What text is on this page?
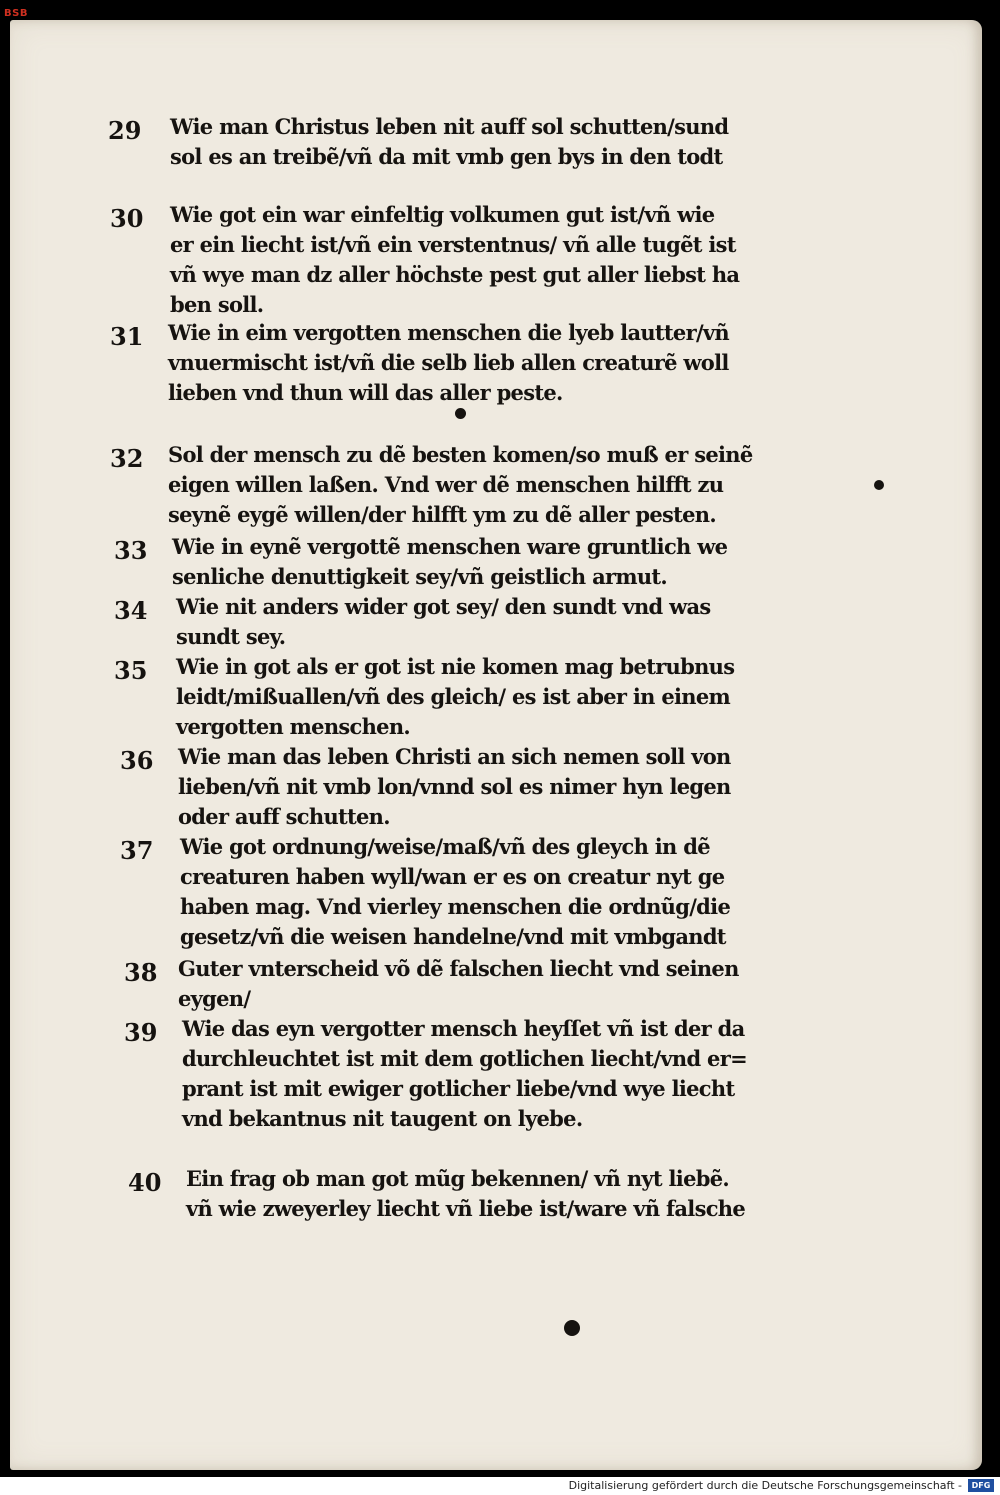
BSB
29 Wie man Christus leben nit auff sol schutten/sund
sol es an treibẽ/vñ da mit vmb gen bys in den todt
30 Wie got ein war einfeltig volkumen gut ist/vñ wie
er ein liecht ist/vñ ein verstentnus/ vñ alle tugẽt ist
vñ wye man dz aller höchste pest gut aller liebst ha
ben soll.
31 Wie in eim vergotten menschen die lyeb lautter/vñ
vnuermischt ist/vñ die selb lieb allen creaturẽ woll
lieben vnd thun will das aller peste.
32 Sol der mensch zu dẽ besten komen/so muß er seinẽ
eigen willen laßen. Vnd wer dẽ menschen hilfft zu
seynẽ eygẽ willen/der hilfft ym zu dẽ aller pesten.
33 Wie in eynẽ vergottẽ menschen ware gruntlich we
senliche denuttigkeit sey/vñ geistlich armut.
34 Wie nit anders wider got sey/ den sundt vnd was
sundt sey.
35 Wie in got als er got ist nie komen mag betrubnus
leidt/mißuallen/vñ des gleich/ es ist aber in einem
vergotten menschen.
36 Wie man das leben Christi an sich nemen soll von
lieben/vñ nit vmb lon/vnnd sol es nimer hyn legen
oder auff schutten.
37 Wie got ordnung/weise/maß/vñ des gleych in dẽ
creaturen haben wyll/wan er es on creatur nyt ge
haben mag. Vnd vierley menschen die ordnũg/die
gesetz/vñ die weisen handelne/vnd mit vmbgandt
38 Guter vnterscheid võ dẽ falschen liecht vnd seinen
eygen/
39 Wie das eyn vergotter mensch heyſſet vñ ist der da
durchleuchtet ist mit dem gotlichen liecht/vnd er=
prant ist mit ewiger gotlicher liebe/vnd wye liecht
vnd bekantnus nit taugent on lyebe.
40 Ein frag ob man got mũg bekennen/ vñ nyt liebẽ.
vñ wie zweyerley liecht vñ liebe ist/ware vñ falsche
Digitalisierung gefördert durch die Deutsche Forschungsgemeinschaft -	DFG
